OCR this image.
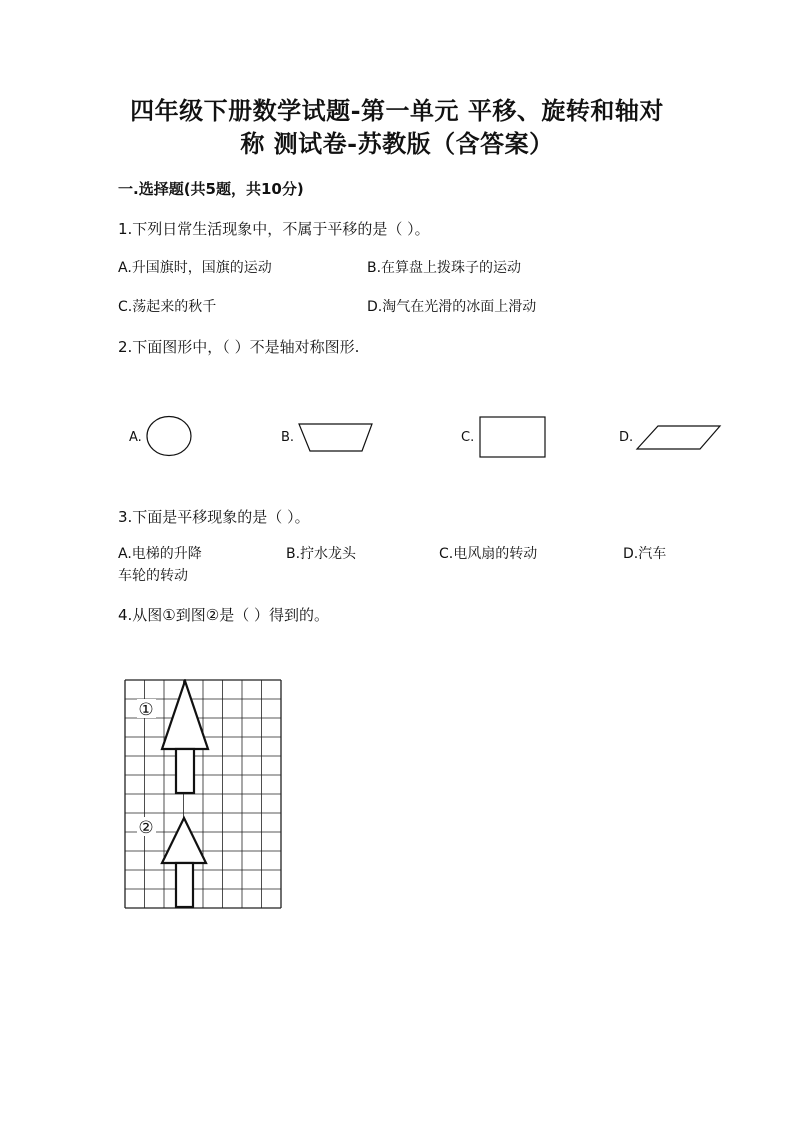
四年级下册数学试题-第一单元 平移、旋转和轴对
称 测试卷-苏教版（含答案）
一.选择题(共5题，共10分)
1.下列日常生活现象中，不属于平移的是（ ）。
A.升国旗时，国旗的运动	B.在算盘上拨珠子的运动
C.荡起来的秋千	D.淘气在光滑的冰面上滑动
2.下面图形中，（ ）不是轴对称图形.
A.	B.	C.	D.
3.下面是平移现象的是（ ）。
A.电梯的升降	B.拧水龙头	C.电风扇的转动	D.汽车
车轮的转动
4.从图①到图②是（ ）得到的。
①
②
